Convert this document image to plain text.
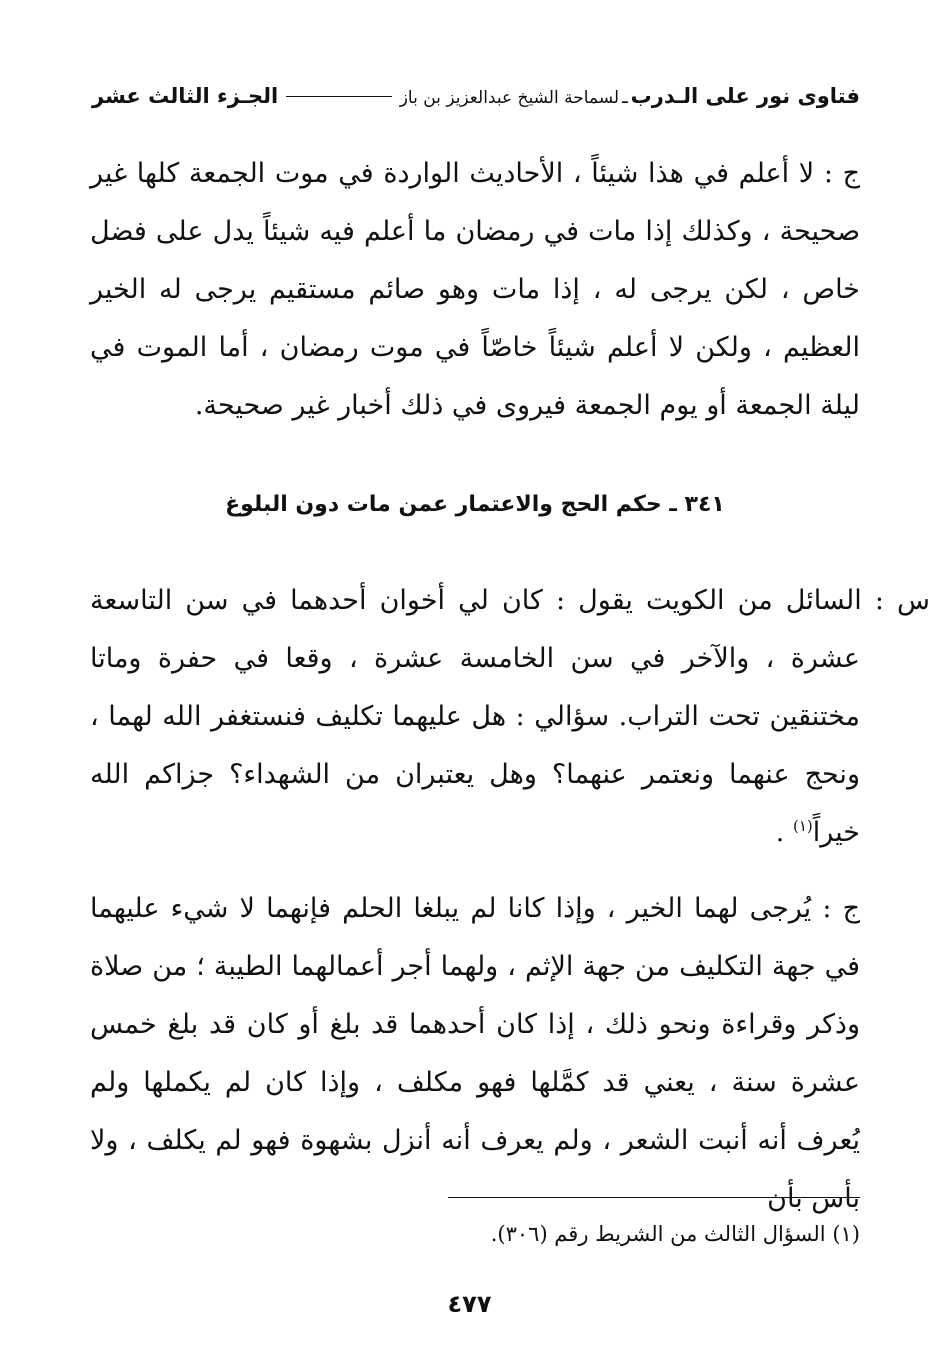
فتاوى نور على الـدرب
ـ
لسماحة الشيخ عبدالعزيز بن باز
الجـزء الثالث عشر

ج : لا أعلم في هذا شيئاً ، الأحاديث الواردة في موت الجمعة كلها غير صحيحة ، وكذلك إذا مات في رمضان ما أعلم فيه شيئاً يدل على فضل خاص ، لكن يرجى له ، إذا مات وهو صائم مستقيم يرجى له الخير العظيم ، ولكن لا أعلم شيئاً خاصّاً في موت رمضان ، أما الموت في ليلة الجمعة أو يوم الجمعة فيروى في ذلك أخبار غير صحيحة.

٣٤١ ـ حكم الحج والاعتمار عمن مات دون البلوغ

س : السائل من الكويت يقول : كان لي أخوان أحدهما في سن التاسعة عشرة ، والآخر في سن الخامسة عشرة ، وقعا في حفرة وماتا مختنقين تحت التراب. سؤالي : هل عليهما تكليف فنستغفر الله لهما ، ونحج عنهما ونعتمر عنهما؟ وهل يعتبران من الشهداء؟ جزاكم الله خيراً$^{(١)}$ .

ج : يُرجى لهما الخير ، وإذا كانا لم يبلغا الحلم فإنهما لا شيء عليهما في جهة التكليف من جهة الإثم ، ولهما أجر أعمالهما الطيبة ؛ من صلاة وذكر وقراءة ونحو ذلك ، إذا كان أحدهما قد بلغ أو كان قد بلغ خمس عشرة سنة ، يعني قد كمَّلها فهو مكلف ، وإذا كان لم يكملها ولم يُعرف أنه أنبت الشعر ، ولم يعرف أنه أنزل بشهوة فهو لم يكلف ، ولا بأس بأن

(١) السؤال الثالث من الشريط رقم (٣٠٦).

٤٧٧
